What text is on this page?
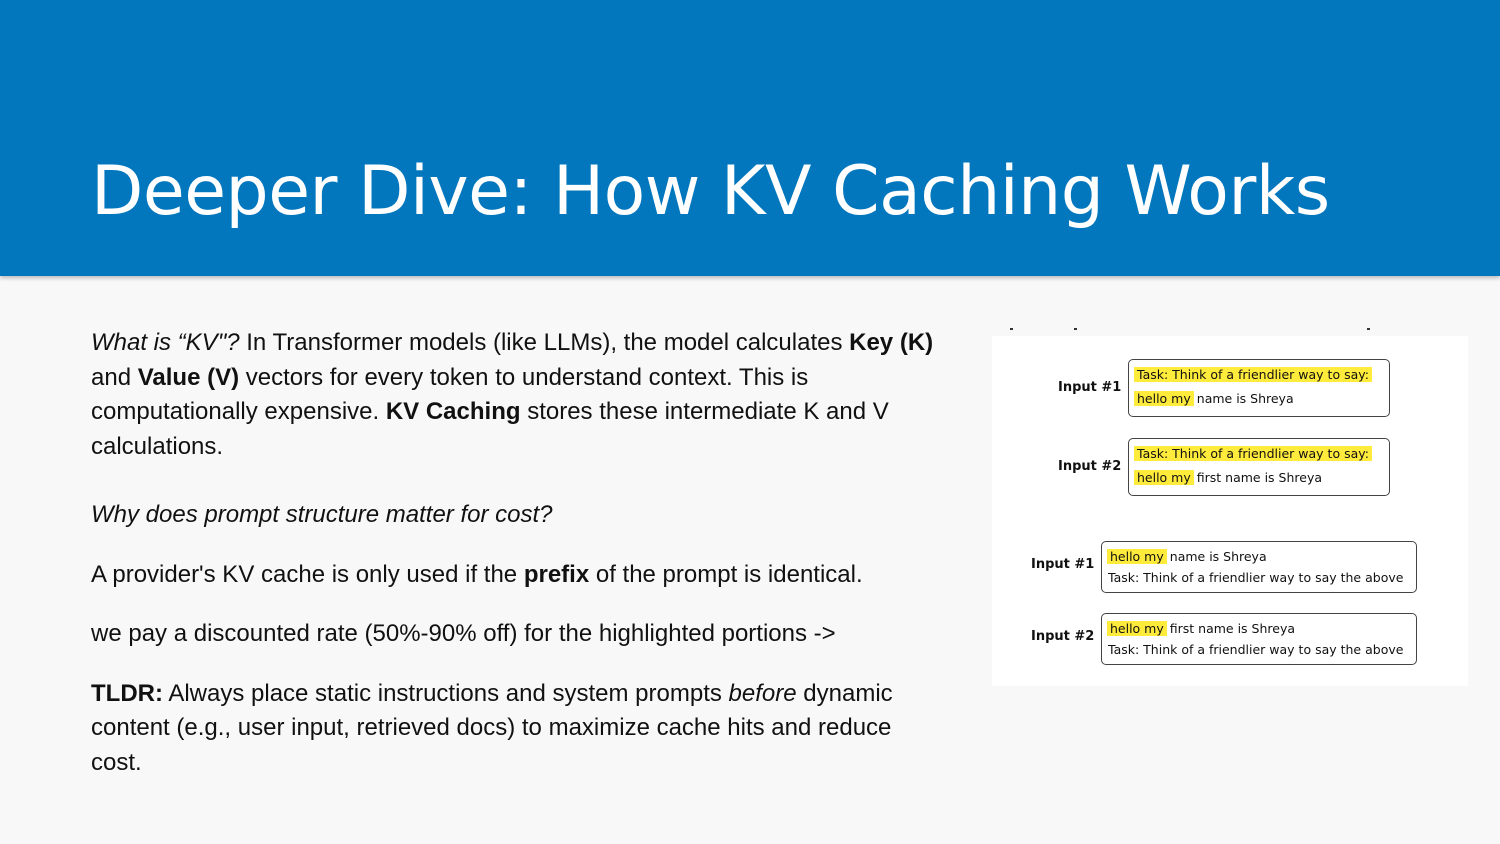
Deeper Dive: How KV Caching Works

What is “KV"? In Transformer models (like LLMs), the model calculates Key (K) and Value (V) vectors for every token to understand context. This is computationally expensive. KV Caching stores these intermediate K and V calculations.

Why does prompt structure matter for cost?

A provider's KV cache is only used if the prefix of the prompt is identical.

we pay a discounted rate (50%-90% off) for the highlighted portions ->

TLDR: Always place static instructions and system prompts before dynamic content (e.g., user input, retrieved docs) to maximize cache hits and reduce cost.

Input #1
Task: Think of a friendlier way to say:
hello my name is Shreya
Input #2
Task: Think of a friendlier way to say:
hello my first name is Shreya
Input #1
hello my name is Shreya
Task: Think of a friendlier way to say the above
Input #2
hello my first name is Shreya
Task: Think of a friendlier way to say the above
